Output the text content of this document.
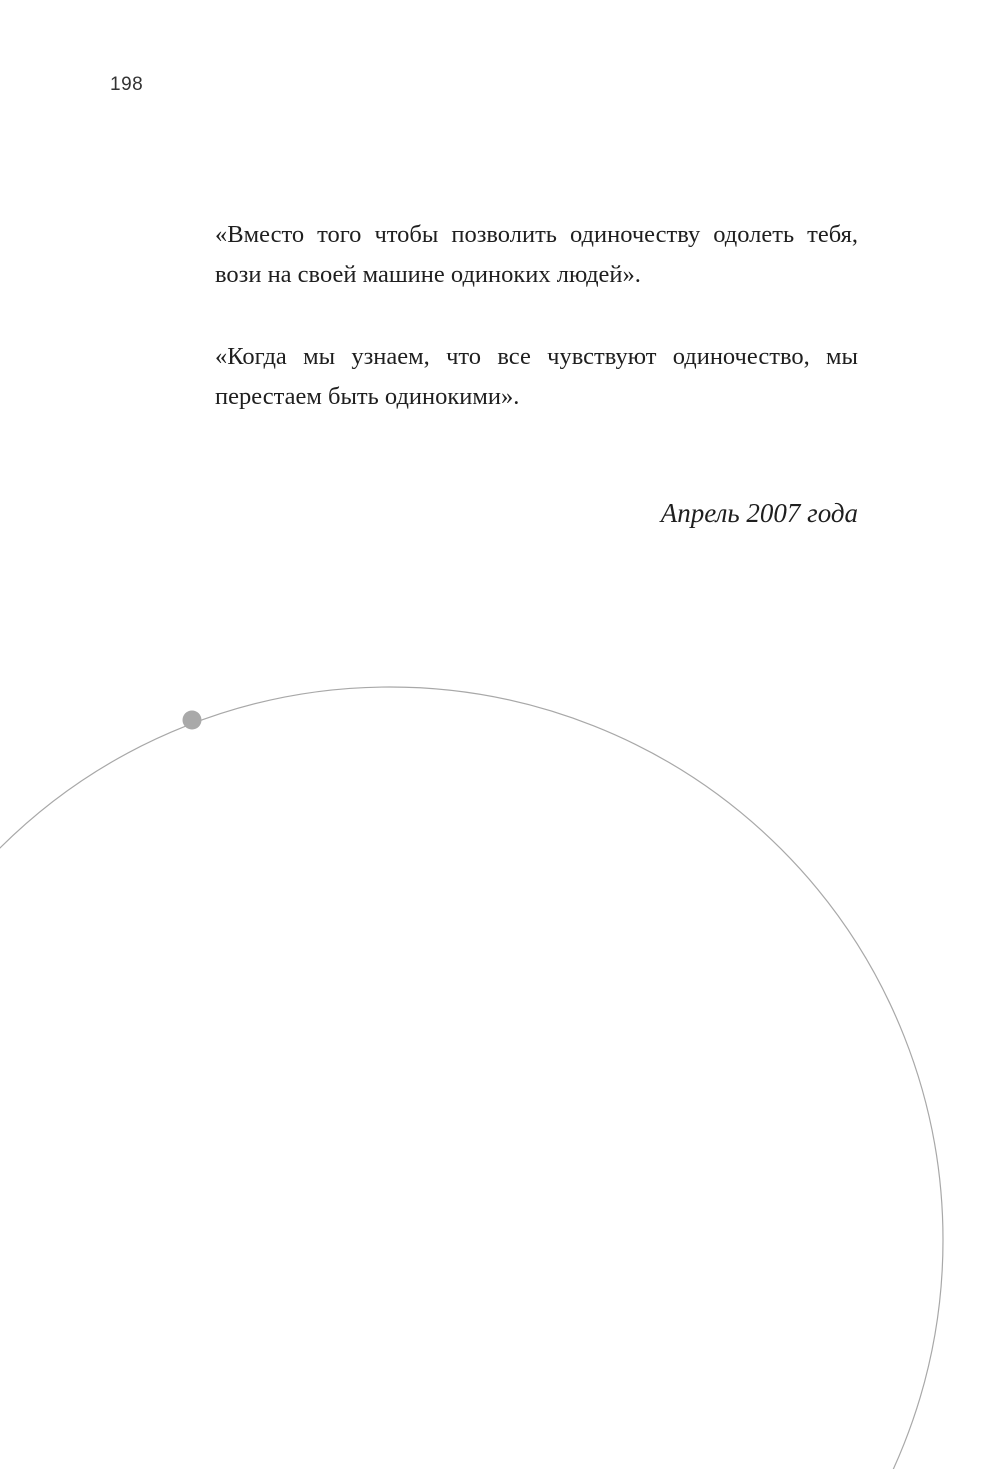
198

«Вместо того чтобы позволить одиночеству одолеть тебя, вози на своей машине одиноких людей».

«Когда мы узнаем, что все чувствуют одиночество, мы перестаем быть одинокими».

Апрель 2007 года
